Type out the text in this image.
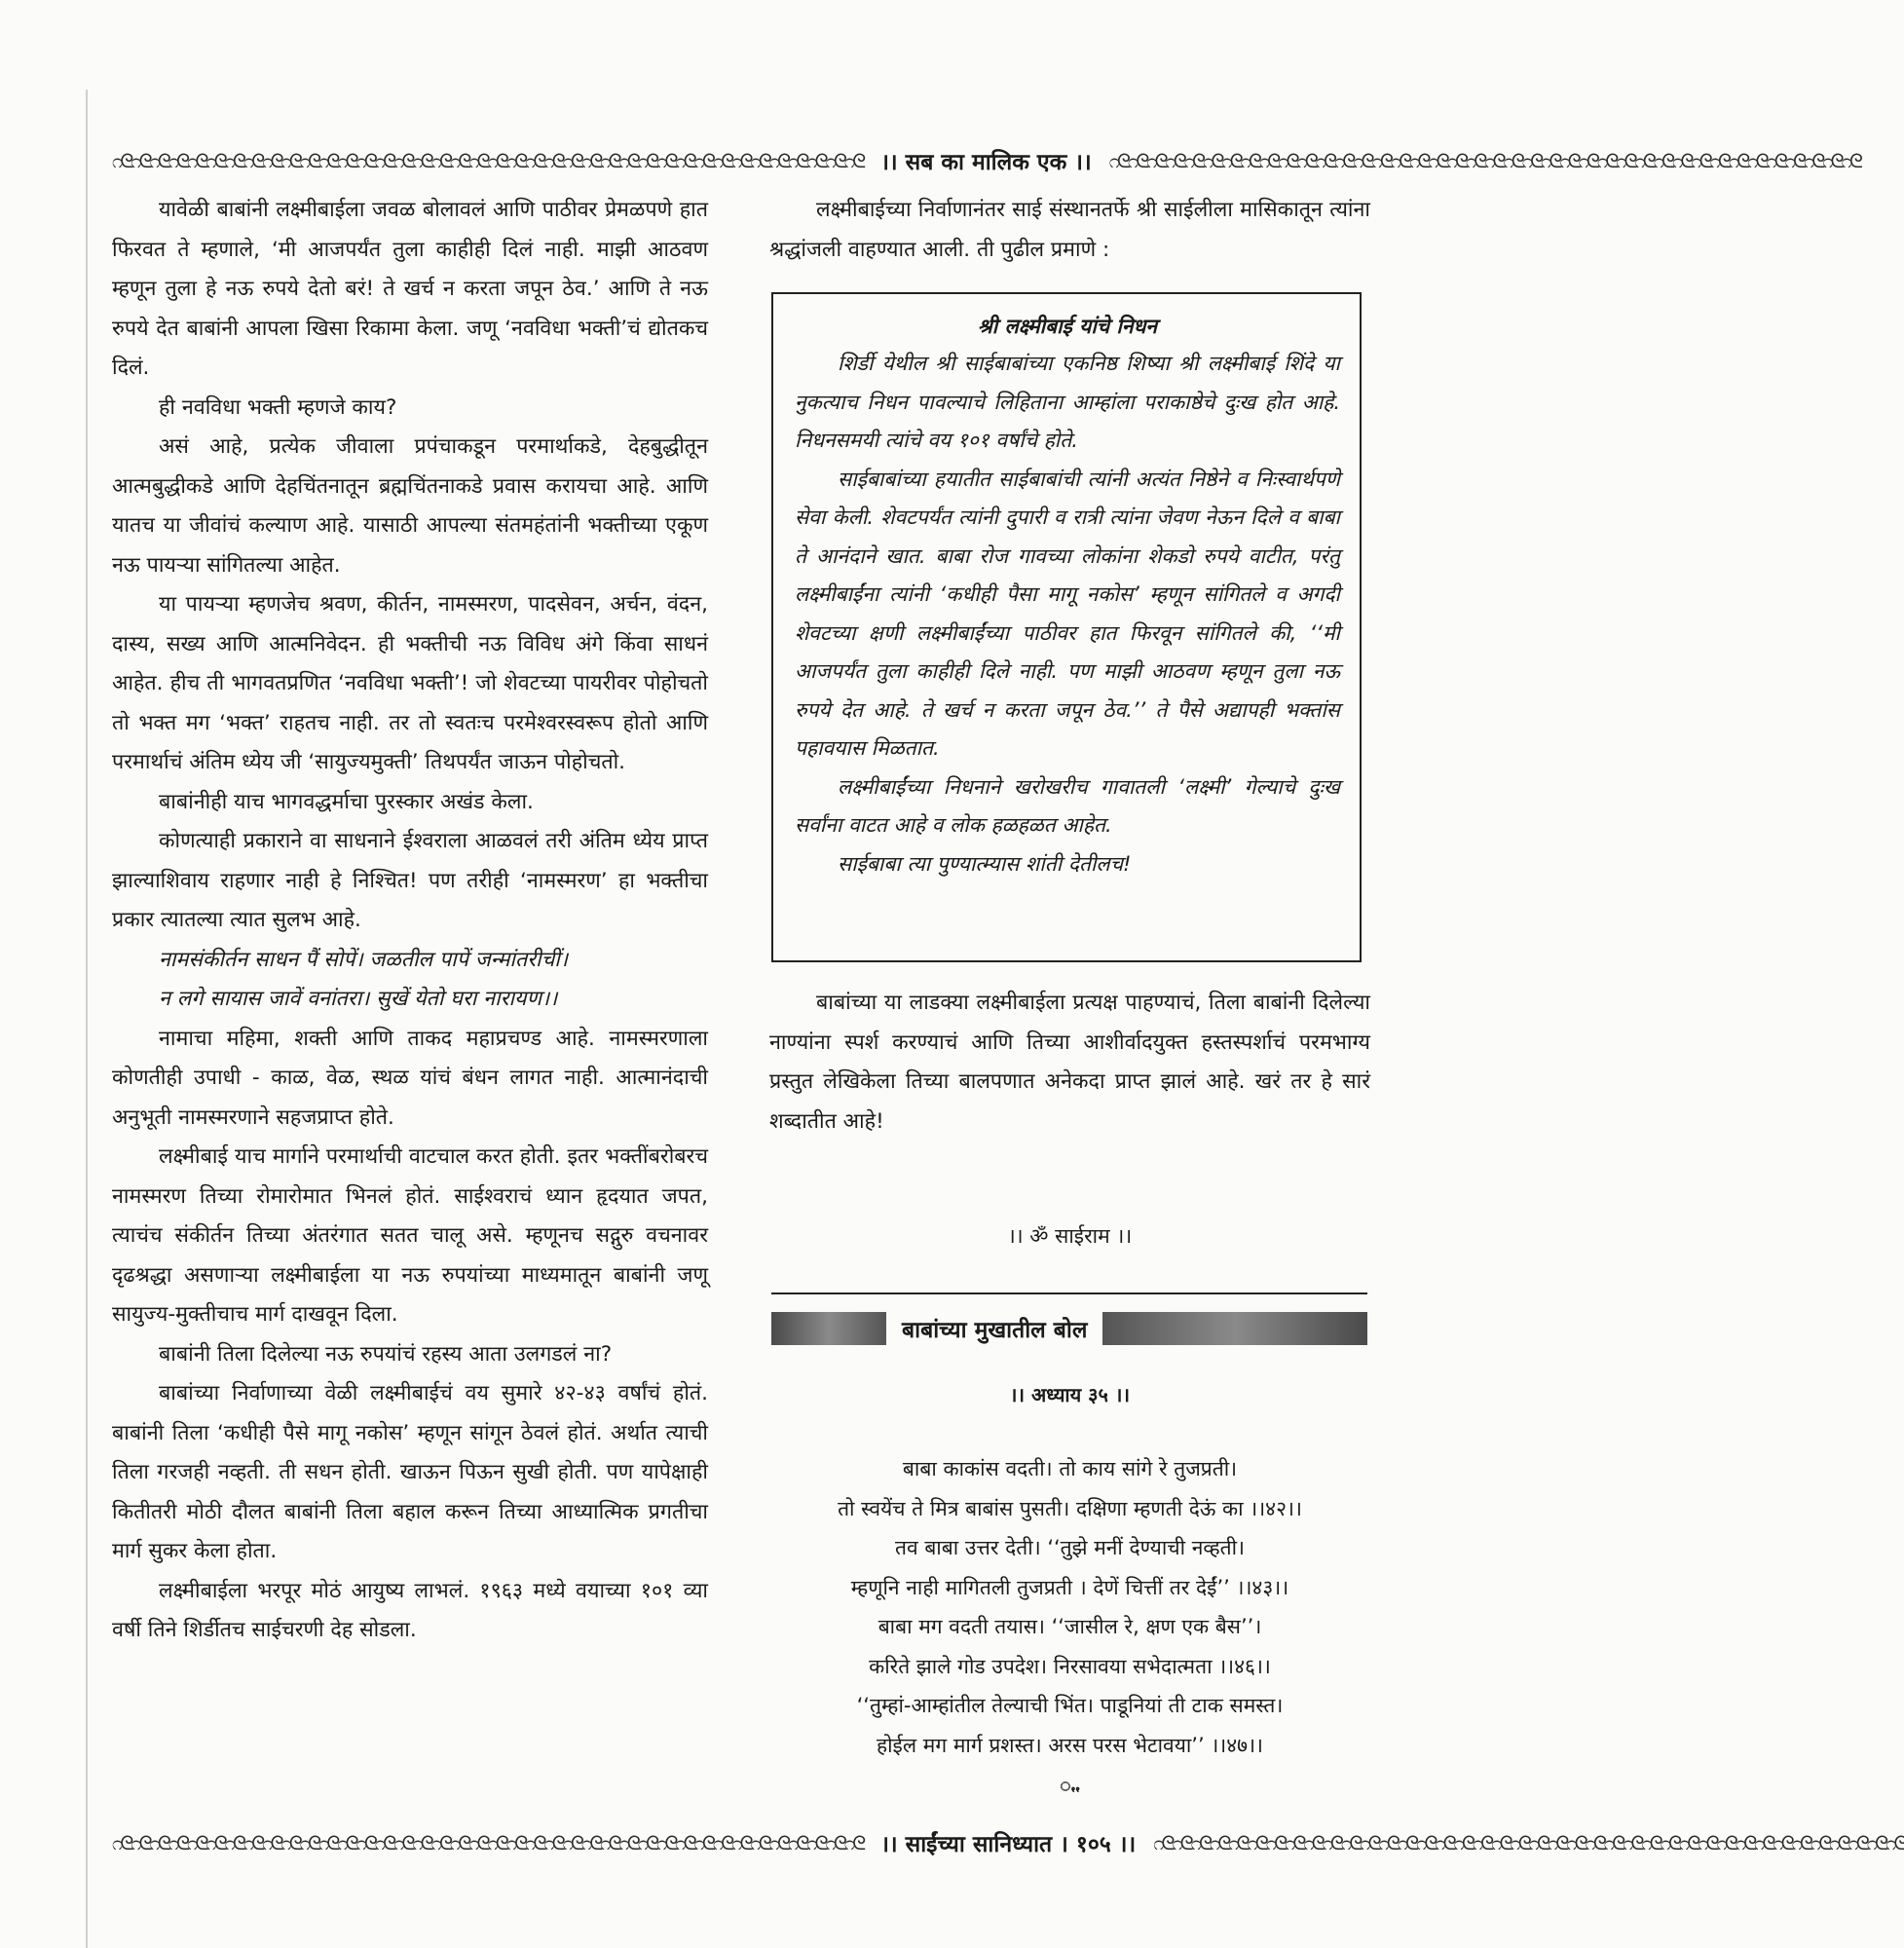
೧ᘓ೧ᘓ೧ᘓ೧ᘓ೧ᘓ೧ᘓ೧ᘓ೧ᘓ೧ᘓ೧ᘓ೧ᘓ೧ᘓ೧ᘓ೧ᘓ೧ᘓ೧ᘓ೧ᘓ೧ᘓ೧ᘓ೧ᘓ೧ᘓ೧ᘓ೧ᘓ೧ᘓ೧ᘓ೧ᘓ೧ᘓ೧ᘓ೧ᘓ೧ᘓ೧ᘓ೧ᘓ೧ᘓ೧ᘓ೧ᘓ೧ᘓ೧ᘓ೧ᘓ೧ᘓ೧ᘓ ।। सब का मालिक एक ।। ೧ᘓ೧ᘓ೧ᘓ೧ᘓ೧ᘓ೧ᘓ೧ᘓ೧ᘓ೧ᘓ೧ᘓ೧ᘓ೧ᘓ೧ᘓ೧ᘓ೧ᘓ೧ᘓ೧ᘓ೧ᘓ೧ᘓ೧ᘓ೧ᘓ೧ᘓ೧ᘓ೧ᘓ೧ᘓ೧ᘓ೧ᘓ೧ᘓ೧ᘓ೧ᘓ೧ᘓ೧ᘓ೧ᘓ೧ᘓ೧ᘓ೧ᘓ೧ᘓ೧ᘓ೧ᘓ೧ᘓ

यावेळी बाबांनी लक्ष्मीबाईला जवळ बोलावलं आणि पाठीवर प्रेमळपणे हात फिरवत ते म्हणाले, ‘मी आजपर्यंत तुला काहीही दिलं नाही. माझी आठवण म्हणून तुला हे नऊ रुपये देतो बरं! ते खर्च न करता जपून ठेव.’ आणि ते नऊ रुपये देत बाबांनी आपला खिसा रिकामा केला. जणू ‘नवविधा भक्ती’चं द्योतकच दिलं.

ही नवविधा भक्ती म्हणजे काय?

असं आहे, प्रत्येक जीवाला प्रपंचाकडून परमार्थाकडे, देहबुद्धीतून आत्मबुद्धीकडे आणि देहचिंतनातून ब्रह्मचिंतनाकडे प्रवास करायचा आहे. आणि यातच या जीवांचं कल्याण आहे. यासाठी आपल्या संतमहंतांनी भक्तीच्या एकूण नऊ पायऱ्या सांगितल्या आहेत.

या पायऱ्या म्हणजेच श्रवण, कीर्तन, नामस्मरण, पादसेवन, अर्चन, वंदन, दास्य, सख्य आणि आत्मनिवेदन. ही भक्तीची नऊ विविध अंगे किंवा साधनं आहेत. हीच ती भागवतप्रणित ‘नवविधा भक्ती’! जो शेवटच्या पायरीवर पोहोचतो तो भक्त मग ‘भक्त’ राहतच नाही. तर तो स्वतःच परमेश्वरस्वरूप होतो आणि परमार्थाचं अंतिम ध्येय जी ‘सायुज्यमुक्ती’ तिथपर्यंत जाऊन पोहोचतो.

बाबांनीही याच भागवद्धर्माचा पुरस्कार अखंड केला.

कोणत्याही प्रकाराने वा साधनाने ईश्वराला आळवलं तरी अंतिम ध्येय प्राप्त झाल्याशिवाय राहणार नाही हे निश्चित! पण तरीही ‘नामस्मरण’ हा भक्तीचा प्रकार त्यातल्या त्यात सुलभ आहे.

नामसंकीर्तन साधन पैं सोपें। जळतील पापें जन्मांतरीचीं।

न लगे सायास जावें वनांतरा। सुखें येतो घरा नारायण।।

नामाचा महिमा, शक्ती आणि ताकद महाप्रचण्ड आहे. नामस्मरणाला कोणतीही उपाधी - काळ, वेळ, स्थळ यांचं बंधन लागत नाही. आत्मानंदाची अनुभूती नामस्मरणाने सहजप्राप्त होते.

लक्ष्मीबाई याच मार्गाने परमार्थाची वाटचाल करत होती. इतर भक्तींबरोबरच नामस्मरण तिच्या रोमारोमात भिनलं होतं. साईश्वराचं ध्यान हृदयात जपत, त्याचंच संकीर्तन तिच्या अंतरंगात सतत चालू असे. म्हणूनच सद्गुरु वचनावर दृढश्रद्धा असणाऱ्या लक्ष्मीबाईला या नऊ रुपयांच्या माध्यमातून बाबांनी जणू सायुज्य-मुक्तीचाच मार्ग दाखवून दिला.

बाबांनी तिला दिलेल्या नऊ रुपयांचं रहस्य आता उलगडलं ना?

बाबांच्या निर्वाणाच्या वेळी लक्ष्मीबाईचं वय सुमारे ४२-४३ वर्षांचं होतं. बाबांनी तिला ‘कधीही पैसे मागू नकोस’ म्हणून सांगून ठेवलं होतं. अर्थात त्याची तिला गरजही नव्हती. ती सधन होती. खाऊन पिऊन सुखी होती. पण यापेक्षाही कितीतरी मोठी दौलत बाबांनी तिला बहाल करून तिच्या आध्यात्मिक प्रगतीचा मार्ग सुकर केला होता.

लक्ष्मीबाईला भरपूर मोठं आयुष्य लाभलं. १९६३ मध्ये वयाच्या १०१ व्या वर्षी तिने शिर्डीतच साईचरणी देह सोडला.

लक्ष्मीबाईच्या निर्वाणानंतर साई संस्थानतर्फे श्री साईलीला मासिकातून त्यांना श्रद्धांजली वाहण्यात आली. ती पुढील प्रमाणे :

श्री लक्ष्मीबाई यांचे निधन

शिर्डी येथील श्री साईबाबांच्या एकनिष्ठ शिष्या श्री लक्ष्मीबाई शिंदे या नुकत्याच निधन पावल्याचे लिहिताना आम्हांला पराकाष्ठेचे दुःख होत आहे. निधनसमयी त्यांचे वय १०१ वर्षांचे होते.

साईबाबांच्या हयातीत साईबाबांची त्यांनी अत्यंत निष्ठेने व निःस्वार्थपणे सेवा केली. शेवटपर्यंत त्यांनी दुपारी व रात्री त्यांना जेवण नेऊन दिले व बाबा ते आनंदाने खात. बाबा रोज गावच्या लोकांना शेकडो रुपये वाटीत, परंतु लक्ष्मीबाईंना त्यांनी ‘कधीही पैसा मागू नकोस’ म्हणून सांगितले व अगदी शेवटच्या क्षणी लक्ष्मीबाईंच्या पाठीवर हात फिरवून सांगितले की, ‘‘मी आजपर्यंत तुला काहीही दिले नाही. पण माझी आठवण म्हणून तुला नऊ रुपये देत आहे. ते खर्च न करता जपून ठेव.’’ ते पैसे अद्यापही भक्तांस पहावयास मिळतात.

लक्ष्मीबाईंच्या निधनाने खरोखरीच गावातली ‘लक्ष्मी’ गेल्याचे दुःख सर्वांना वाटत आहे व लोक हळहळत आहेत.

साईबाबा त्या पुण्यात्म्यास शांती देतीलच!

बाबांच्या या लाडक्या लक्ष्मीबाईला प्रत्यक्ष पाहण्याचं, तिला बाबांनी दिलेल्या नाण्यांना स्पर्श करण्याचं आणि तिच्या आशीर्वादयुक्त हस्तस्पर्शाचं परमभाग्य प्रस्तुत लेखिकेला तिच्या बालपणात अनेकदा प्राप्त झालं आहे. खरं तर हे सारं शब्दातीत आहे!

।। ॐ साईराम ।।
बाबांच्या मुखातील बोल
।। अध्याय ३५ ।।
बाबा काकांस वदती। तो काय सांगे रे तुजप्रती।
तो स्वयेंच ते मित्र बाबांस पुसती। दक्षिणा म्हणती देऊं का ।।४२।।
तव बाबा उत्तर देती। ‘‘तुझे मनीं देण्याची नव्हती।
म्हणूनि नाही मागितली तुजप्रती । देणें चित्तीं तर देईं’’ ।।४३।।
बाबा मग वदती तयास। ‘‘जासील रे, क्षण एक बैस’’।
करिते झाले गोड उपदेश। निरसावया सभेदात्मता ।।४६।।
‘‘तुम्हां-आम्हांतील तेल्याची भिंत। पाडूनियां ती टाक समस्त।
होईल मग मार्ग प्रशस्त। अरस परस भेटावया’’ ।।४७।।
ꩻꩻ
೧ᘓ೧ᘓ೧ᘓ೧ᘓ೧ᘓ೧ᘓ೧ᘓ೧ᘓ೧ᘓ೧ᘓ೧ᘓ೧ᘓ೧ᘓ೧ᘓ೧ᘓ೧ᘓ೧ᘓ೧ᘓ೧ᘓ೧ᘓ೧ᘓ೧ᘓ೧ᘓ೧ᘓ೧ᘓ೧ᘓ೧ᘓ೧ᘓ೧ᘓ೧ᘓ೧ᘓ೧ᘓ೧ᘓ೧ᘓ೧ᘓ೧ᘓ೧ᘓ೧ᘓ೧ᘓ೧ᘓ ।। साईंच्या सानिध्यात । १०५ ।। ೧ᘓ೧ᘓ೧ᘓ೧ᘓ೧ᘓ೧ᘓ೧ᘓ೧ᘓ೧ᘓ೧ᘓ೧ᘓ೧ᘓ೧ᘓ೧ᘓ೧ᘓ೧ᘓ೧ᘓ೧ᘓ೧ᘓ೧ᘓ೧ᘓ೧ᘓ೧ᘓ೧ᘓ೧ᘓ೧ᘓ೧ᘓ೧ᘓ೧ᘓ೧ᘓ೧ᘓ೧ᘓ೧ᘓ೧ᘓ೧ᘓ೧ᘓ೧ᘓ೧ᘓ೧ᘓ೧ᘓ
